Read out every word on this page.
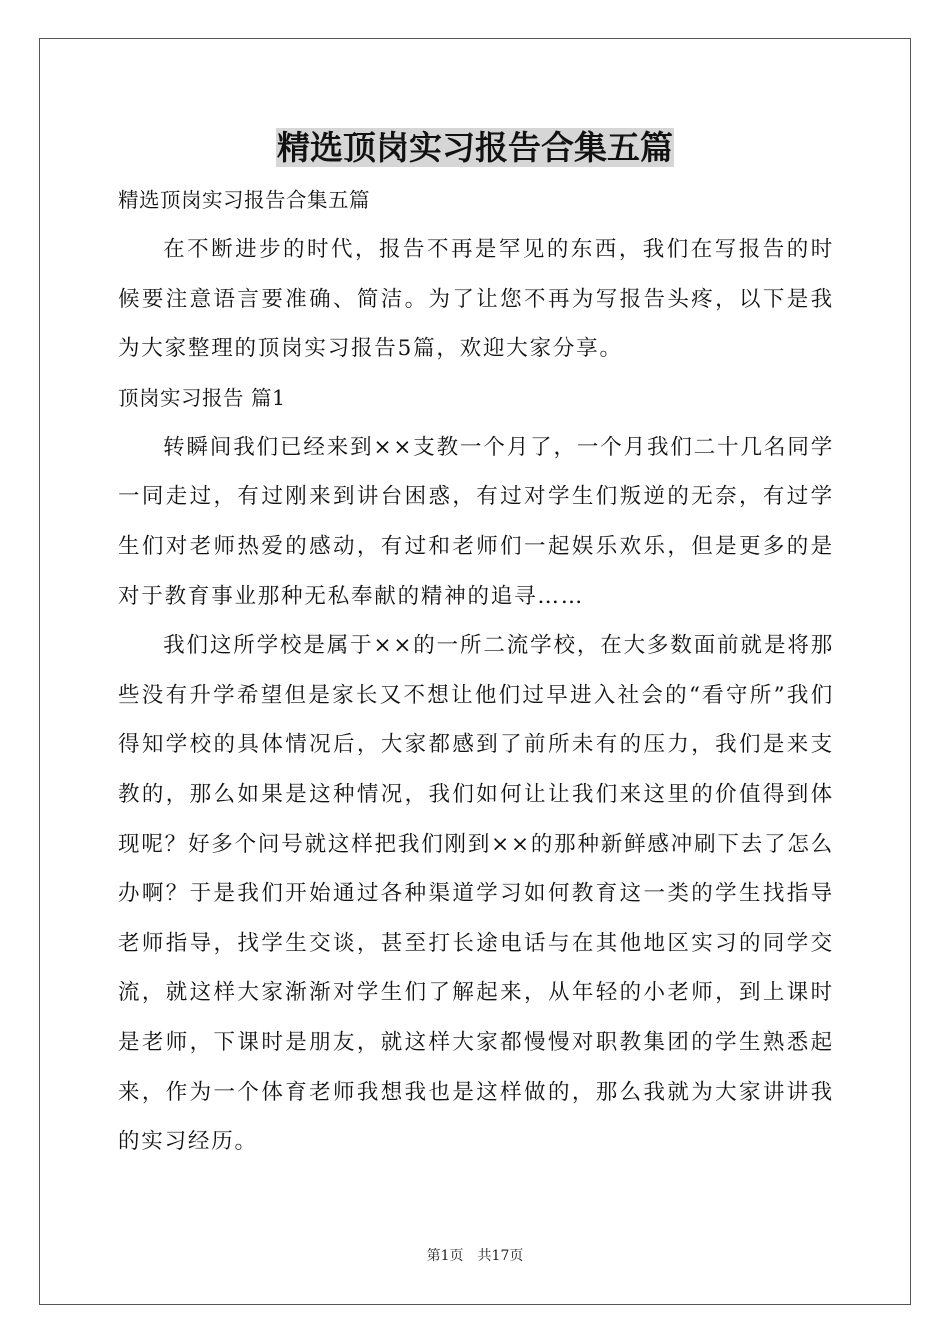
精选顶岗实习报告合集五篇

精选顶岗实习报告合集五篇

在不断进步的时代，报告不再是罕见的东西，我们在写报告的时候要注意语言要准确、简洁。为了让您不再为写报告头疼，以下是我为大家整理的顶岗实习报告5篇，欢迎大家分享。

顶岗实习报告 篇1

转瞬间我们已经来到××支教一个月了，一个月我们二十几名同学一同走过，有过刚来到讲台困惑，有过对学生们叛逆的无奈，有过学生们对老师热爱的感动，有过和老师们一起娱乐欢乐，但是更多的是对于教育事业那种无私奉献的精神的追寻……

我们这所学校是属于××的一所二流学校，在大多数面前就是将那些没有升学希望但是家长又不想让他们过早进入社会的“看守所”我们得知学校的具体情况后，大家都感到了前所未有的压力，我们是来支教的，那么如果是这种情况，我们如何让让我们来这里的价值得到体现呢？好多个问号就这样把我们刚到××的那种新鲜感冲刷下去了怎么办啊？于是我们开始通过各种渠道学习如何教育这一类的学生找指导老师指导，找学生交谈，甚至打长途电话与在其他地区实习的同学交流，就这样大家渐渐对学生们了解起来，从年轻的小老师，到上课时是老师，下课时是朋友，就这样大家都慢慢对职教集团的学生熟悉起来，作为一个体育老师我想我也是这样做的，那么我就为大家讲讲我的实习经历。

第1页 共17页
